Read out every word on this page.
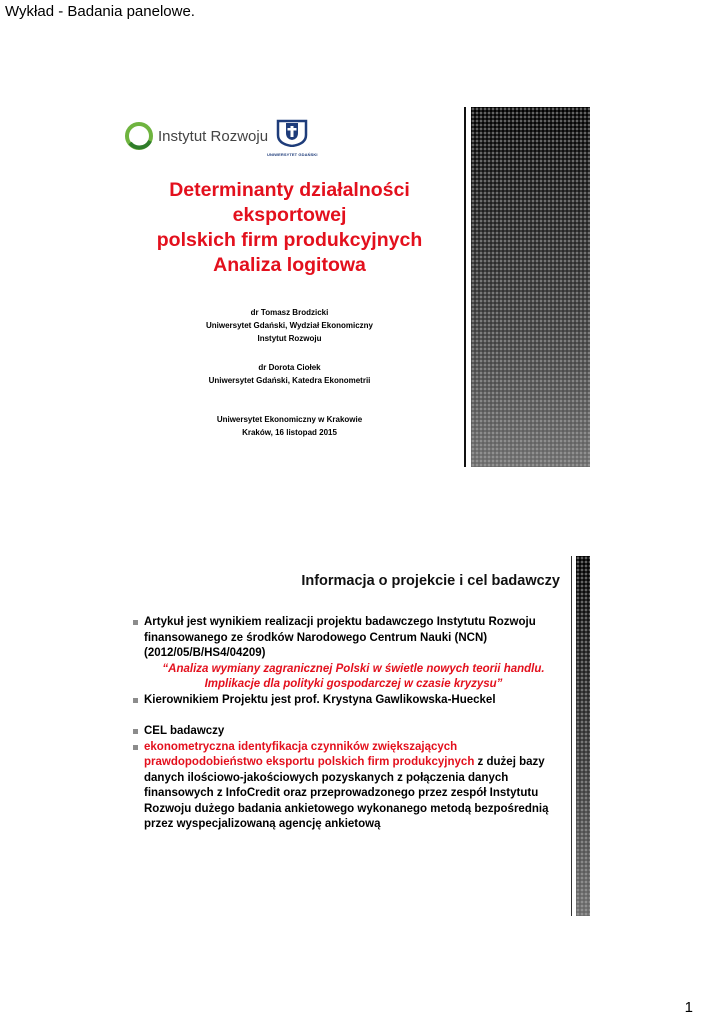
Wykład - Badania panelowe.
Instytut Rozwoju
UNIWERSYTET GDAŃSKI
Determinanty działalności
eksportowej
polskich firm produkcyjnych
Analiza logitowa
dr Tomasz Brodzicki
Uniwersytet Gdański, Wydział Ekonomiczny
Instytut Rozwoju
dr Dorota Ciołek
Uniwersytet Gdański, Katedra Ekonometrii
Uniwersytet Ekonomiczny w Krakowie
Kraków, 16 listopad 2015
Informacja o projekcie i cel badawczy
Artykuł jest wynikiem realizacji projektu badawczego Instytutu Rozwoju finansowanego ze środków Narodowego Centrum Nauki (NCN) (2012/05/B/HS4/04209)
“Analiza wymiany zagranicznej Polski w świetle nowych teorii handlu.
Implikacje dla polityki gospodarczej w czasie kryzysu”
Kierownikiem Projektu jest prof. Krystyna Gawlikowska-Hueckel
CEL badawczy
ekonometryczna identyfikacja czynników zwiększających prawdopodobieństwo eksportu polskich firm produkcyjnych z dużej bazy danych ilościowo-jakościowych pozyskanych z połączenia danych finansowych z InfoCredit oraz przeprowadzonego przez zespół Instytutu Rozwoju dużego badania ankietowego wykonanego metodą bezpośrednią przez wyspecjalizowaną agencję ankietową
1
